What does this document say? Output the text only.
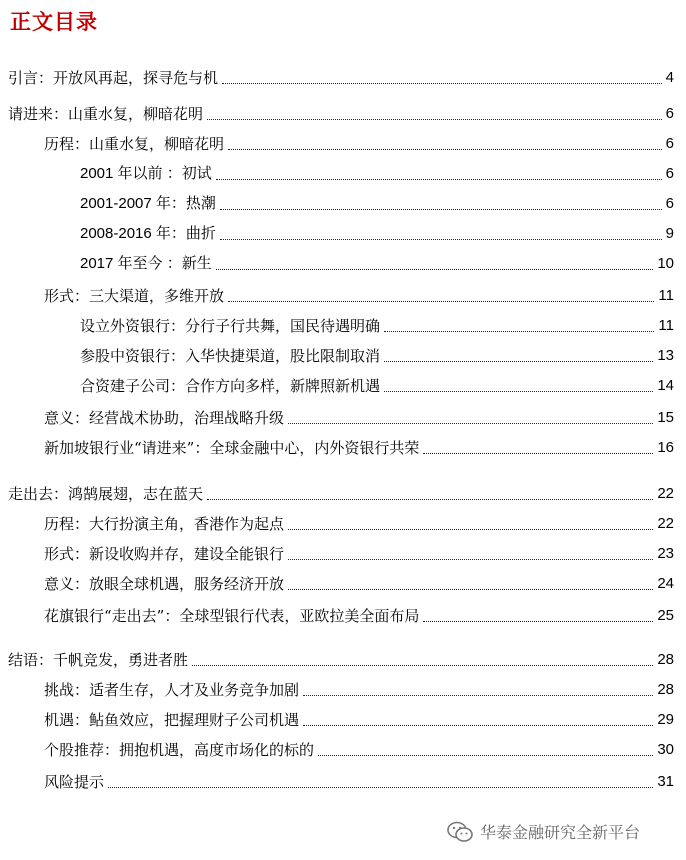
正文目录
引言：开放风再起，探寻危与机	4
请进来：山重水复，柳暗花明	6
历程：山重水复，柳暗花明	6
2001 年以前 ：初试	6
2001-2007 年：热潮	6
2008-2016 年：曲折	9
2017 年至今 ：新生	10
形式：三大渠道，多维开放	11
设立外资银行：分行子行共舞，国民待遇明确	11
参股中资银行：入华快捷渠道，股比限制取消	13
合资建子公司：合作方向多样，新牌照新机遇	14
意义：经营战术协助，治理战略升级	15
新加坡银行业“请进来”：全球金融中心，内外资银行共荣	16
走出去：鸿鹄展翅，志在蓝天	22
历程：大行扮演主角，香港作为起点	22
形式：新设收购并存，建设全能银行	23
意义：放眼全球机遇，服务经济开放	24
花旗银行“走出去”：全球型银行代表，亚欧拉美全面布局	25
结语：千帆竞发，勇进者胜	28
挑战：适者生存，人才及业务竞争加剧	28
机遇：鲇鱼效应，把握理财子公司机遇	29
个股推荐：拥抱机遇，高度市场化的标的	30
风险提示	31
华泰金融研究全新平台
